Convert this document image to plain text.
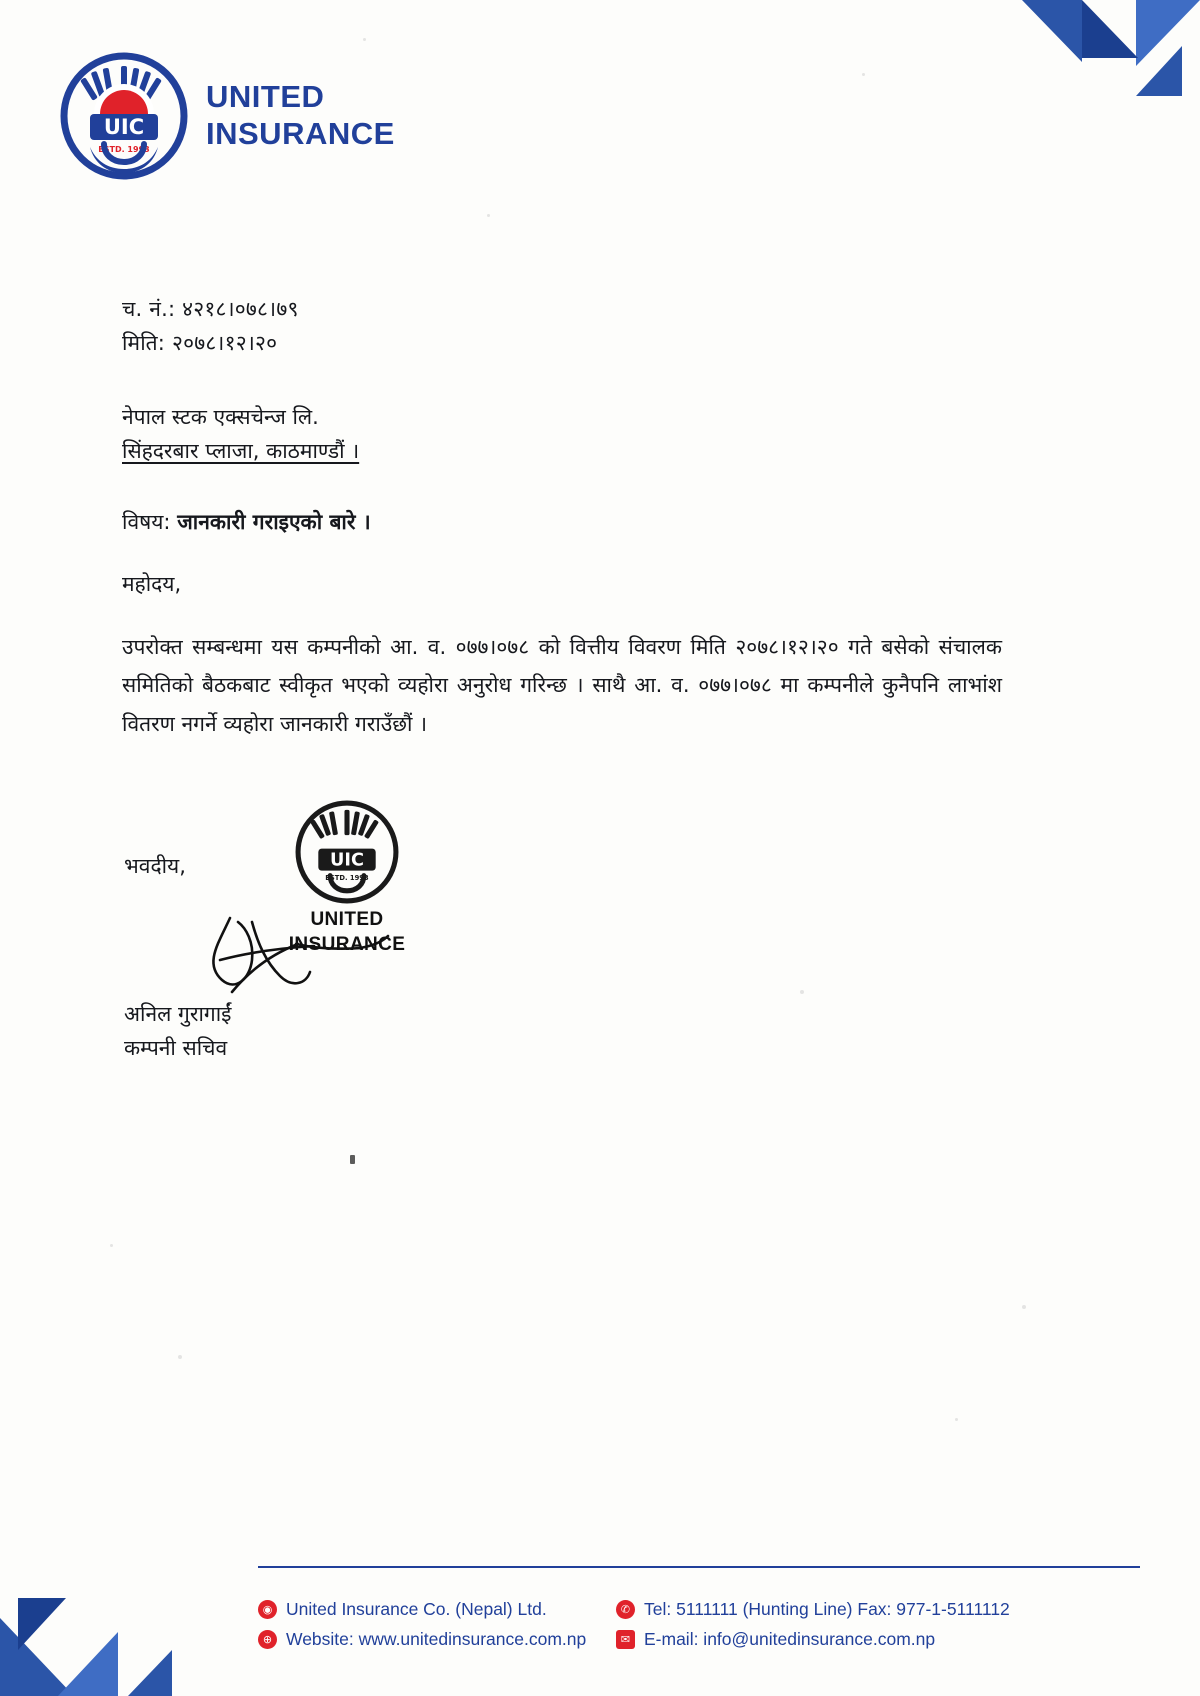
UIC
ESTD. 1993
UNITED
INSURANCE
च. नं.: ४२१८।०७८।७९
मिति: २०७८।१२।२०
नेपाल स्टक एक्सचेन्ज लि.
सिंहदरबार प्लाजा, काठमाण्डौं ।
विषय: जानकारी गराइएको बारे ।
महोदय,
उपरोक्त सम्बन्धमा यस कम्पनीको आ. व. ०७७।०७८ को वित्तीय विवरण मिति २०७८।१२।२० गते बसेको संचालक समितिको बैठकबाट स्वीकृत भएको व्यहोरा अनुरोध गरिन्छ । साथै आ. व. ०७७।०७८ मा कम्पनीले कुनैपनि लाभांश वितरण नगर्ने व्यहोरा जानकारी गराउँछौं ।
भवदीय,	UIC
ESTD. 1993
UNITED
INSURANCE
अनिल गुरागाईं
कम्पनी सचिव
◉ United Insurance Co. (Nepal) Ltd.	✆ Tel: 5111111 (Hunting Line) Fax: 977-1-5111112
⊕ Website: www.unitedinsurance.com.np	✉ E-mail: info@unitedinsurance.com.np
